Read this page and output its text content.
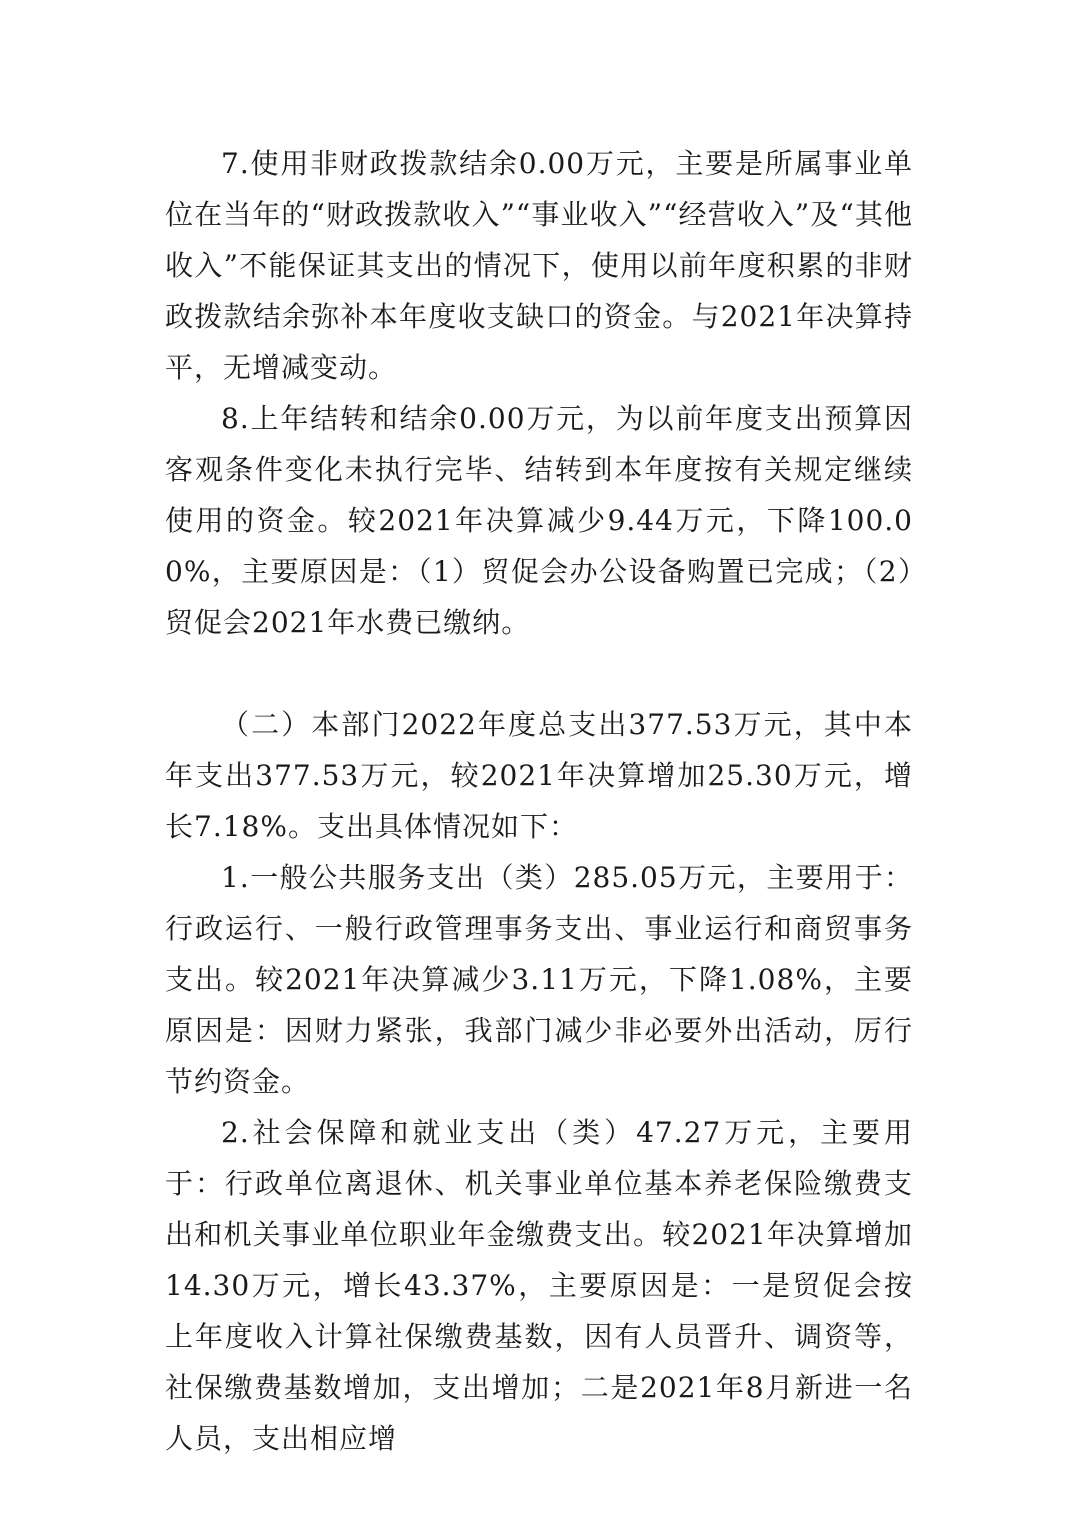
7.使用非财政拨款结余0.00万元，主要是所属事业单位在当年的“财政拨款收入”“事业收入”“经营收入”及“其他收入”不能保证其支出的情况下，使用以前年度积累的非财政拨款结余弥补本年度收支缺口的资金。与2021年决算持平，无增减变动。

8.上年结转和结余0.00万元，为以前年度支出预算因客观条件变化未执行完毕、结转到本年度按有关规定继续使用的资金。较2021年决算减少9.44万元，下降100.00%，主要原因是：（1）贸促会办公设备购置已完成；（2）贸促会2021年水费已缴纳。

（二）本部门2022年度总支出377.53万元，其中本年支出377.53万元，较2021年决算增加25.30万元，增长7.18%。支出具体情况如下：

1.一般公共服务支出（类）285.05万元，主要用于：行政运行、一般行政管理事务支出、事业运行和商贸事务支出。较2021年决算减少3.11万元，下降1.08%，主要原因是：因财力紧张，我部门减少非必要外出活动，厉行节约资金。

2.社会保障和就业支出（类）47.27万元，主要用于：行政单位离退休、机关事业单位基本养老保险缴费支出和机关事业单位职业年金缴费支出。较2021年决算增加14.30万元，增长43.37%，主要原因是：一是贸促会按上年度收入计算社保缴费基数，因有人员晋升、调资等，社保缴费基数增加，支出增加；二是2021年8月新进一名人员，支出相应增
